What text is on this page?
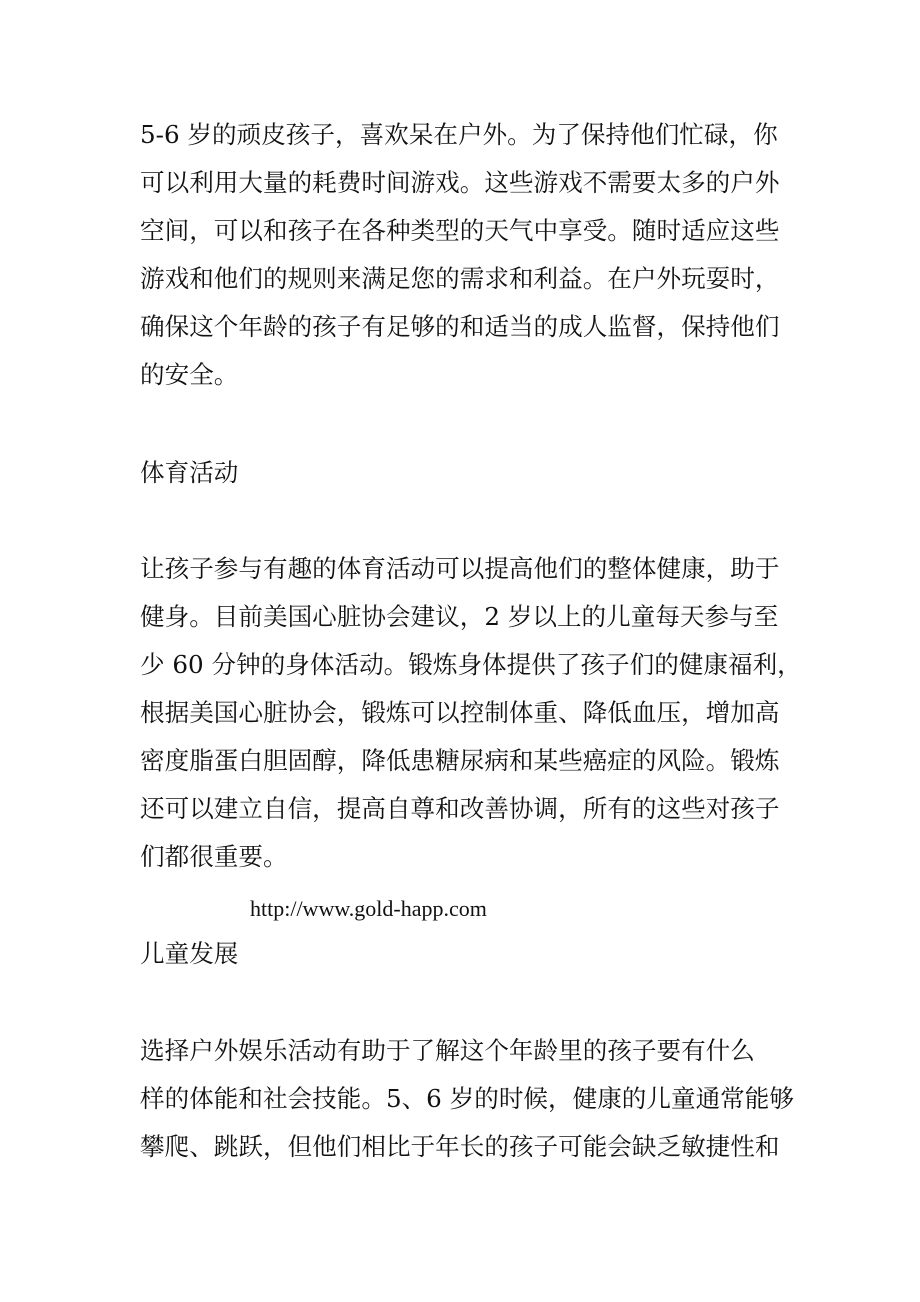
5-6 岁的顽皮孩子，喜欢呆在户外。为了保持他们忙碌，你
可以利用大量的耗费时间游戏。这些游戏不需要太多的户外
空间，可以和孩子在各种类型的天气中享受。随时适应这些
游戏和他们的规则来满足您的需求和利益。在户外玩耍时，
确保这个年龄的孩子有足够的和适当的成人监督，保持他们
的安全。
体育活动
让孩子参与有趣的体育活动可以提高他们的整体健康，助于
健身。目前美国心脏协会建议，2 岁以上的儿童每天参与至
少 60 分钟的身体活动。锻炼身体提供了孩子们的健康福利，
根据美国心脏协会，锻炼可以控制体重、降低血压，增加高
密度脂蛋白胆固醇，降低患糖尿病和某些癌症的风险。锻炼
还可以建立自信，提高自尊和改善协调，所有的这些对孩子
们都很重要。
http://www.gold-happ.com
儿童发展
选择户外娱乐活动有助于了解这个年龄里的孩子要有什么
样的体能和社会技能。5、6 岁的时候，健康的儿童通常能够
攀爬、跳跃，但他们相比于年长的孩子可能会缺乏敏捷性和
